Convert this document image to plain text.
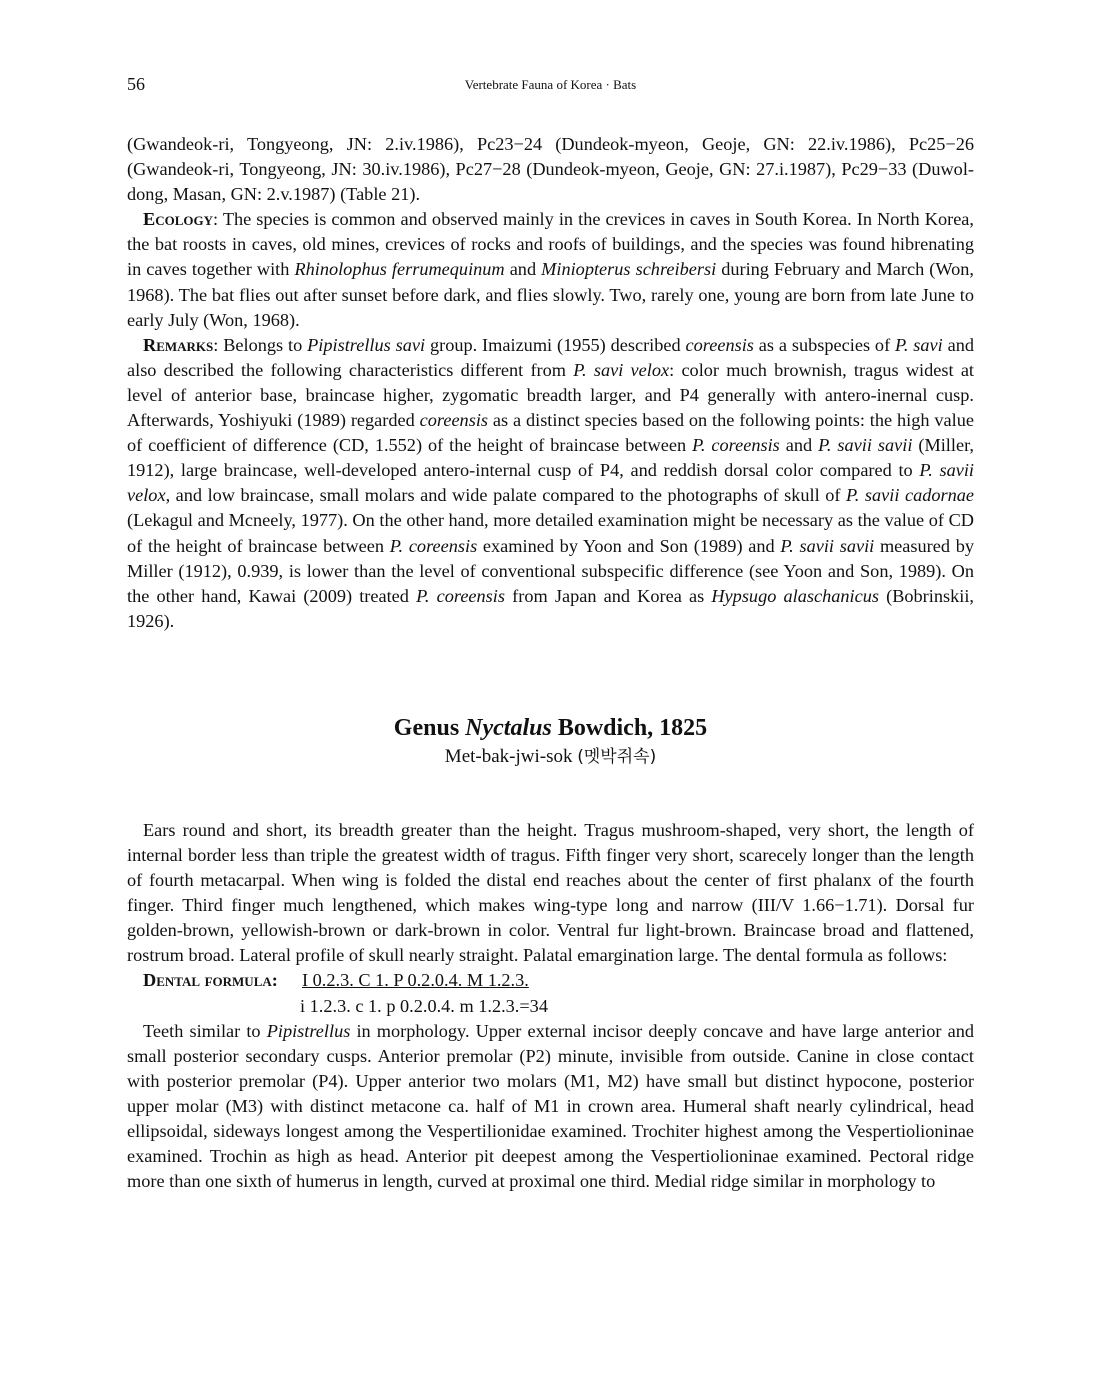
56	Vertebrate Fauna of Korea · Bats

(Gwandeok-ri, Tongyeong, JN: 2.iv.1986), Pc23−24 (Dundeok-myeon, Geoje, GN: 22.iv.1986), Pc25−26 (Gwandeok-ri, Tongyeong, JN: 30.iv.1986), Pc27−28 (Dundeok-myeon, Geoje, GN: 27.i.1987), Pc29−33 (Duwol-dong, Masan, GN: 2.v.1987) (Table 21).

Ecology: The species is common and observed mainly in the crevices in caves in South Korea. In North Korea, the bat roosts in caves, old mines, crevices of rocks and roofs of buildings, and the species was found hibrenating in caves together with Rhinolophus ferrumequinum and Miniopterus schreibersi during February and March (Won, 1968). The bat flies out after sunset before dark, and flies slowly. Two, rarely one, young are born from late June to early July (Won, 1968).

Remarks: Belongs to Pipistrellus savi group. Imaizumi (1955) described coreensis as a subspecies of P. savi and also described the following characteristics different from P. savi velox: color much brownish, tragus widest at level of anterior base, braincase higher, zygomatic breadth larger, and P4 generally with antero-inernal cusp. Afterwards, Yoshiyuki (1989) regarded coreensis as a distinct species based on the following points: the high value of coefficient of difference (CD, 1.552) of the height of braincase between P. coreensis and P. savii savii (Miller, 1912), large braincase, well-developed antero-internal cusp of P4, and reddish dorsal color compared to P. savii velox, and low braincase, small molars and wide palate compared to the photographs of skull of P. savii cadornae (Lekagul and Mcneely, 1977). On the other hand, more detailed examination might be necessary as the value of CD of the height of braincase between P. coreensis examined by Yoon and Son (1989) and P. savii savii measured by Miller (1912), 0.939, is lower than the level of conventional subspecific difference (see Yoon and Son, 1989). On the other hand, Kawai (2009) treated P. coreensis from Japan and Korea as Hypsugo alaschanicus (Bobrinskii, 1926).

Genus Nyctalus Bowdich, 1825
Met-bak-jwi-sok (멧박쥐속)

Ears round and short, its breadth greater than the height. Tragus mushroom-shaped, very short, the length of internal border less than triple the greatest width of tragus. Fifth finger very short, scarecely longer than the length of fourth metacarpal. When wing is folded the distal end reaches about the center of first phalanx of the fourth finger. Third finger much lengthened, which makes wing-type long and narrow (III/V 1.66−1.71). Dorsal fur golden-brown, yellowish-brown or dark-brown in color. Ventral fur light-brown. Braincase broad and flattened, rostrum broad. Lateral profile of skull nearly straight. Palatal emargination large. The dental formula as follows:

Dental formula:	I 0.2.3. C 1. P 0.2.0.4. M 1.2.3.
i 1.2.3. c 1. p 0.2.0.4. m 1.2.3.=34

Teeth similar to Pipistrellus in morphology. Upper external incisor deeply concave and have large anterior and small posterior secondary cusps. Anterior premolar (P2) minute, invisible from outside. Canine in close contact with posterior premolar (P4). Upper anterior two molars (M1, M2) have small but distinct hypocone, posterior upper molar (M3) with distinct metacone ca. half of M1 in crown area. Humeral shaft nearly cylindrical, head ellipsoidal, sideways longest among the Vespertilionidae examined. Trochiter highest among the Vespertiolioninae examined. Trochin as high as head. Anterior pit deepest among the Vespertiolioninae examined. Pectoral ridge more than one sixth of humerus in length, curved at proximal one third. Medial ridge similar in morphology to
